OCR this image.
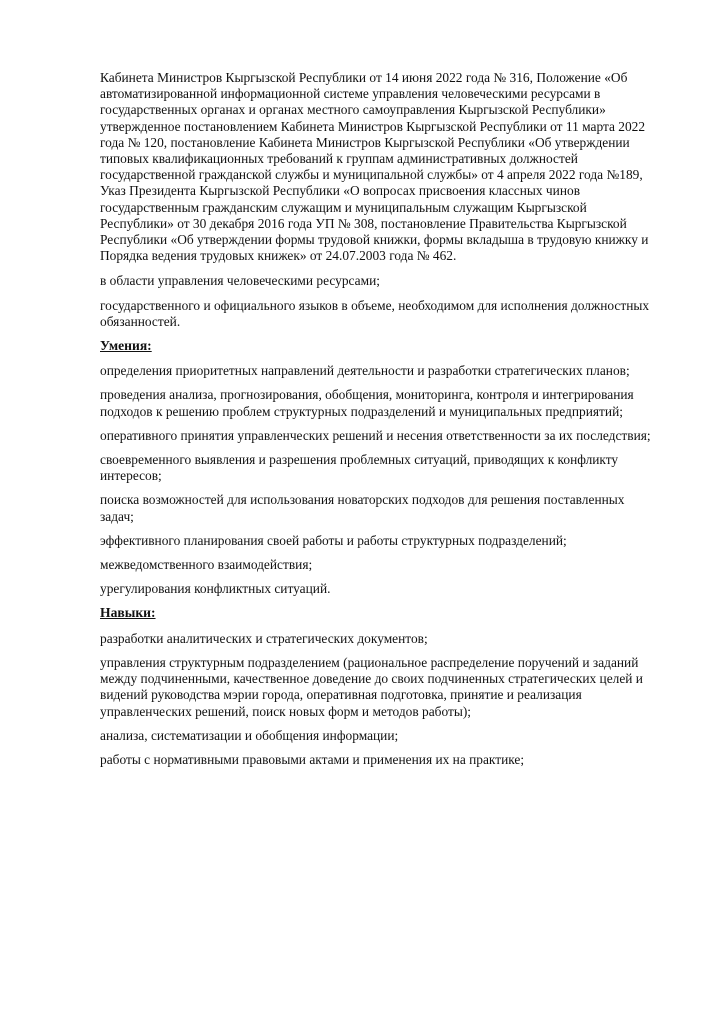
Кабинета Министров Кыргызской Республики от 14 июня 2022 года № 316, Положение «Об автоматизированной информационной системе управления человеческими ресурсами в государственных органах и органах местного самоуправления Кыргызской Республики» утвержденное постановлением Кабинета Министров Кыргызской Республики от 11 марта 2022 года № 120, постановление Кабинета Министров Кыргызской Республики «Об утверждении типовых квалификационных требований к группам административных должностей государственной гражданской службы и муниципальной службы» от 4 апреля 2022 года №189, Указ Президента Кыргызской Республики «О вопросах присвоения классных чинов государственным гражданским служащим и муниципальным служащим Кыргызской Республики» от 30 декабря 2016 года УП № 308, постановление Правительства Кыргызской Республики «Об утверждении формы трудовой книжки, формы вкладыша в трудовую книжку и Порядка ведения трудовых книжек» от 24.07.2003 года № 462.

в области управления человеческими ресурсами;

государственного и официального языков в объеме, необходимом для исполнения должностных обязанностей.

Умения:

определения приоритетных направлений деятельности и разработки стратегических планов;

проведения анализа, прогнозирования, обобщения, мониторинга, контроля и интегрирования подходов к решению проблем структурных подразделений и муниципальных предприятий;

оперативного принятия управленческих решений и несения ответственности за их последствия;

своевременного выявления и разрешения проблемных ситуаций, приводящих к конфликту интересов;

поиска возможностей для использования новаторских подходов для решения поставленных задач;

эффективного планирования своей работы и работы структурных подразделений;

межведомственного взаимодействия;

урегулирования конфликтных ситуаций.

Навыки:

разработки аналитических и стратегических документов;

управления структурным подразделением (рациональное распределение поручений и заданий между подчиненными, качественное доведение до своих подчиненных стратегических целей и видений руководства мэрии города, оперативная подготовка, принятие и реализация управленческих решений, поиск новых форм и методов работы);

анализа, систематизации и обобщения информации;

работы с нормативными правовыми актами и применения их на практике;
